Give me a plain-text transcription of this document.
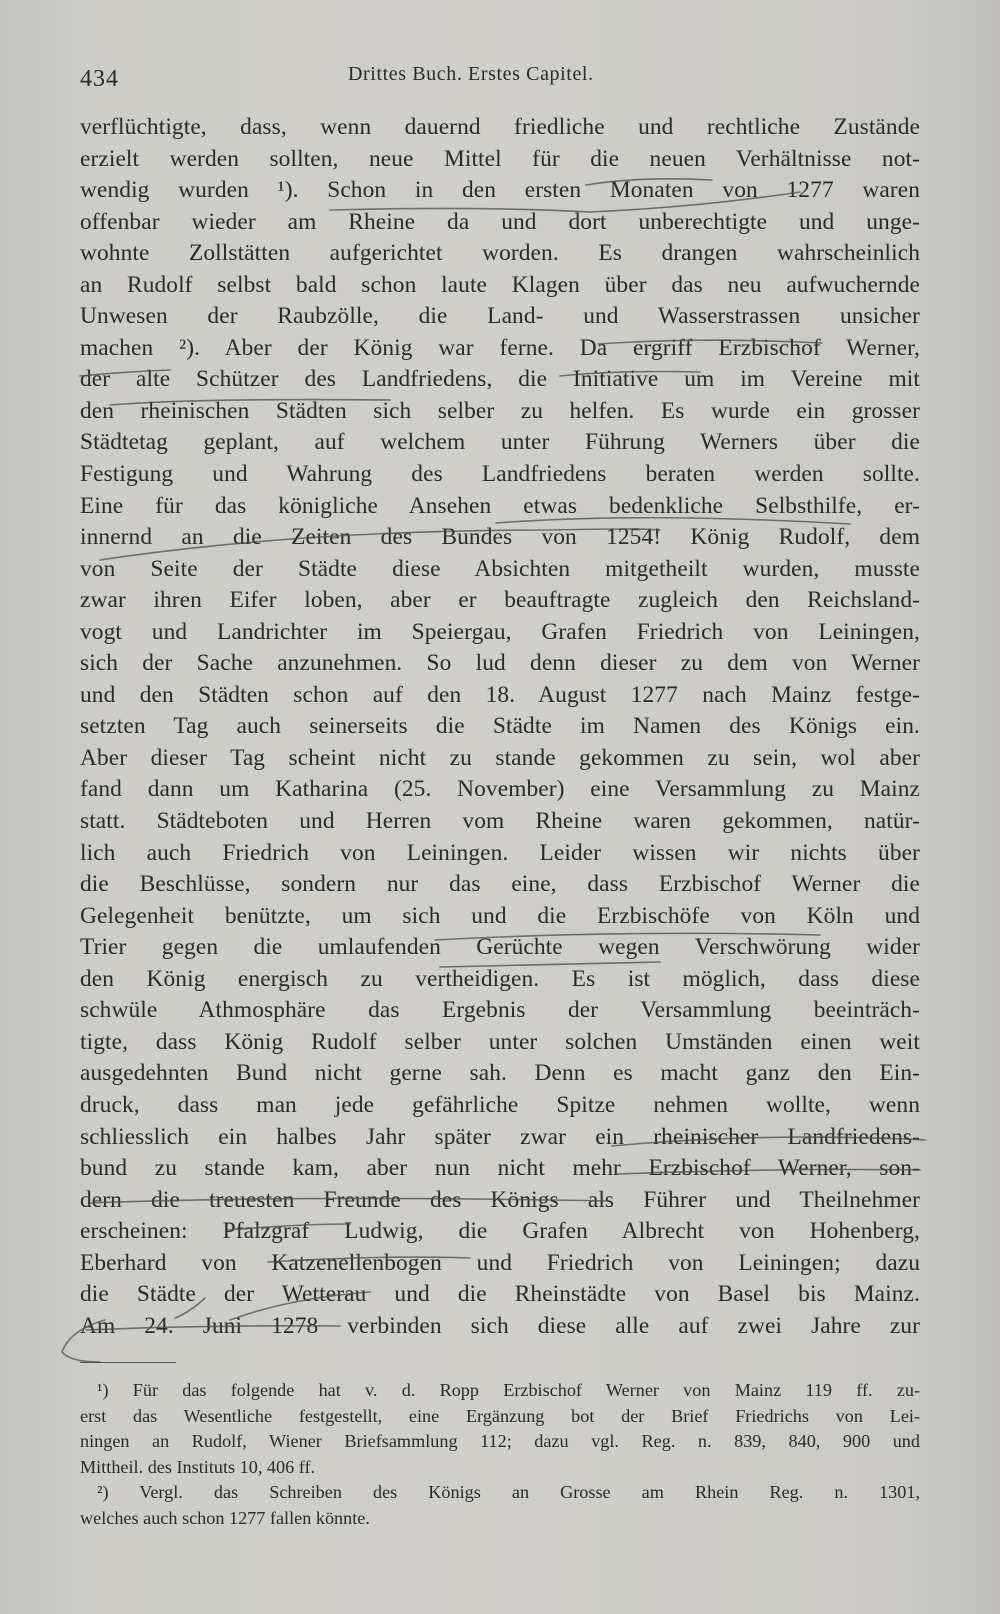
434	Drittes Buch. Erstes Capitel.
verflüchtigte, dass, wenn dauernd friedliche und rechtliche Zustände
erzielt werden sollten, neue Mittel für die neuen Verhältnisse not-
wendig wurden ¹). Schon in den ersten Monaten von 1277 waren
offenbar wieder am Rheine da und dort unberechtigte und unge-
wohnte Zollstätten aufgerichtet worden. Es drangen wahrscheinlich
an Rudolf selbst bald schon laute Klagen über das neu aufwuchernde
Unwesen der Raubzölle, die Land- und Wasserstrassen unsicher
machen ²). Aber der König war ferne. Da ergriff Erzbischof Werner,
der alte Schützer des Landfriedens, die Initiative um im Vereine mit
den rheinischen Städten sich selber zu helfen. Es wurde ein grosser
Städtetag geplant, auf welchem unter Führung Werners über die
Festigung und Wahrung des Landfriedens beraten werden sollte.
Eine für das königliche Ansehen etwas bedenkliche Selbsthilfe, er-
innernd an die Zeiten des Bundes von 1254! König Rudolf, dem
von Seite der Städte diese Absichten mitgetheilt wurden, musste
zwar ihren Eifer loben, aber er beauftragte zugleich den Reichsland-
vogt und Landrichter im Speiergau, Grafen Friedrich von Leiningen,
sich der Sache anzunehmen. So lud denn dieser zu dem von Werner
und den Städten schon auf den 18. August 1277 nach Mainz festge-
setzten Tag auch seinerseits die Städte im Namen des Königs ein.
Aber dieser Tag scheint nicht zu stande gekommen zu sein, wol aber
fand dann um Katharina (25. November) eine Versammlung zu Mainz
statt. Städteboten und Herren vom Rheine waren gekommen, natür-
lich auch Friedrich von Leiningen. Leider wissen wir nichts über
die Beschlüsse, sondern nur das eine, dass Erzbischof Werner die
Gelegenheit benützte, um sich und die Erzbischöfe von Köln und
Trier gegen die umlaufenden Gerüchte wegen Verschwörung wider
den König energisch zu vertheidigen. Es ist möglich, dass diese
schwüle Athmosphäre das Ergebnis der Versammlung beeinträch-
tigte, dass König Rudolf selber unter solchen Umständen einen weit
ausgedehnten Bund nicht gerne sah. Denn es macht ganz den Ein-
druck, dass man jede gefährliche Spitze nehmen wollte, wenn
schliesslich ein halbes Jahr später zwar ein rheinischer Landfriedens-
bund zu stande kam, aber nun nicht mehr Erzbischof Werner, son-
dern die treuesten Freunde des Königs als Führer und Theilnehmer
erscheinen: Pfalzgraf Ludwig, die Grafen Albrecht von Hohenberg,
Eberhard von Katzenellenbogen und Friedrich von Leiningen; dazu
die Städte der Wetterau und die Rheinstädte von Basel bis Mainz.
Am 24. Juni 1278 verbinden sich diese alle auf zwei Jahre zur
¹) Für das folgende hat v. d. Ropp Erzbischof Werner von Mainz 119 ff. zu-
erst das Wesentliche festgestellt, eine Ergänzung bot der Brief Friedrichs von Lei-
ningen an Rudolf, Wiener Briefsammlung 112; dazu vgl. Reg. n. 839, 840, 900 und
Mittheil. des Instituts 10, 406 ff.
²) Vergl. das Schreiben des Königs an Grosse am Rhein Reg. n. 1301,
welches auch schon 1277 fallen könnte.
